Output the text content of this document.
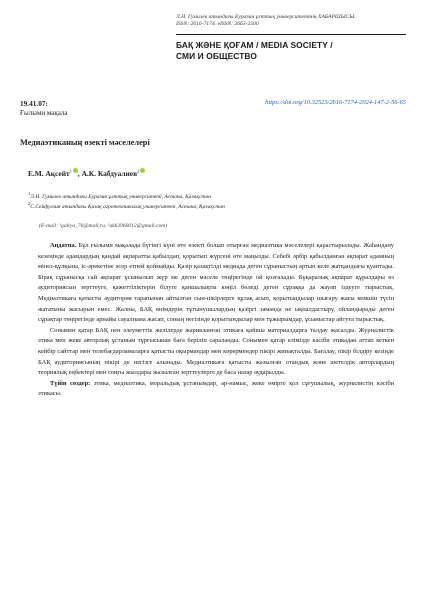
Л.Н. Гумилев атындағы Еуразия ұлттық университетінің ХАБАРШЫСЫ.
ISSN: 2616-7174. eISSN: 2663-2500
БАҚ ЖӘНЕ ҚОҒАМ / MEDIA SOCIETY /
СМИ И ОБЩЕСТВО
19.41.07:
Ғылыми мақала
https://doi.org/10.32523/2616-7174-2024-147-2-56-65
Медиаэтиканың өзекті мәселелері
Е.М. Ақсейт$^1$ , А.К. Кабдуалиев$^2$
$^1$Л.Н. Гумилев атындағы Еуразия ұлттық университеті, Астана, Қазақстан
$^2$С.Сейфуллин атындағы Қазақ агротехникалық университеті, Астана, Қазақстан
(E-mail: ¹galiya_76@mail.ru, ²akk3960012@gmail.com)

Аңдатпа. Бұл ғылыми мақалада бүгінгі күні өте өзекті болып отырған медиаэтика мәселелері қарастырылады. Жаһандану кезеңінде адамдардың қандай ақпаратты қабылдап, қорытып жүргені өте маңызды. Себебі әрбір қабылданған ақпарат адамның мінез-құлқына, іс-әрекетіне әсер етпей қоймайды. Қазір қазақтілді медиада деген сұраныстың артып келе жатқандығы қуантады. Бірақ сұранысқа сай ақпарат ұсынылып жүр ме деген мәселе төңірегінде ой қозғалады. Бұқаралық ақпарат құралдары өз аудиториясын зерттеуге, қажеттіліктерін білуге қаншалықты көңіл бөледі деген сұраққа да жауап іздеуге тырыстық. Медиаэтикаға қатысты аудитория тарапынан айтылған сын-пікірлерге құлақ асып, қорытындылар шығару жағы кемшін түсіп жататыны жасырын емес. Жалпы, БАҚ өнімдерін тұтынушылардың қазіргі заманда не ықпалдастыру, ойландырады деген сұрақтар төңірегінде арнайы сауалнама жасап, соның негізінде қорытындылар мен тұжырымдар, ұсыныстар айтуға тырыстық.

Сонымен қатар БАҚ пен әлеуметтік желілерде жарияланған этикаға қайшы материалдарға талдау жасалды. Журналистік этика мен жеке авторлық ұстаным тұрғысынан баға беріліп сараланды. Сонымен қатар еліміздe кәсіби этикадан аттап кеткен кейбір сайттар мен телебағдарламаларға қатысты оқырмандар мен көрермендер пікірі жинақталды. Бағалау, пікір білдіру кезінде БАҚ аудиториясының пікірі де негізге алынады. Медиаэтикаға қатысты жазылған отандық және шетелдік авторлардың теориялық еңбектері мен соңғы жылдары жазылған зерттеулерге де баса назар аударылды.

Түйін сөздер: этика, медиаэтика, моральдық ұстанымдар, ар-намыс, жеке өмірге қол сұғушылық, журналистің кәсіби этикасы.
